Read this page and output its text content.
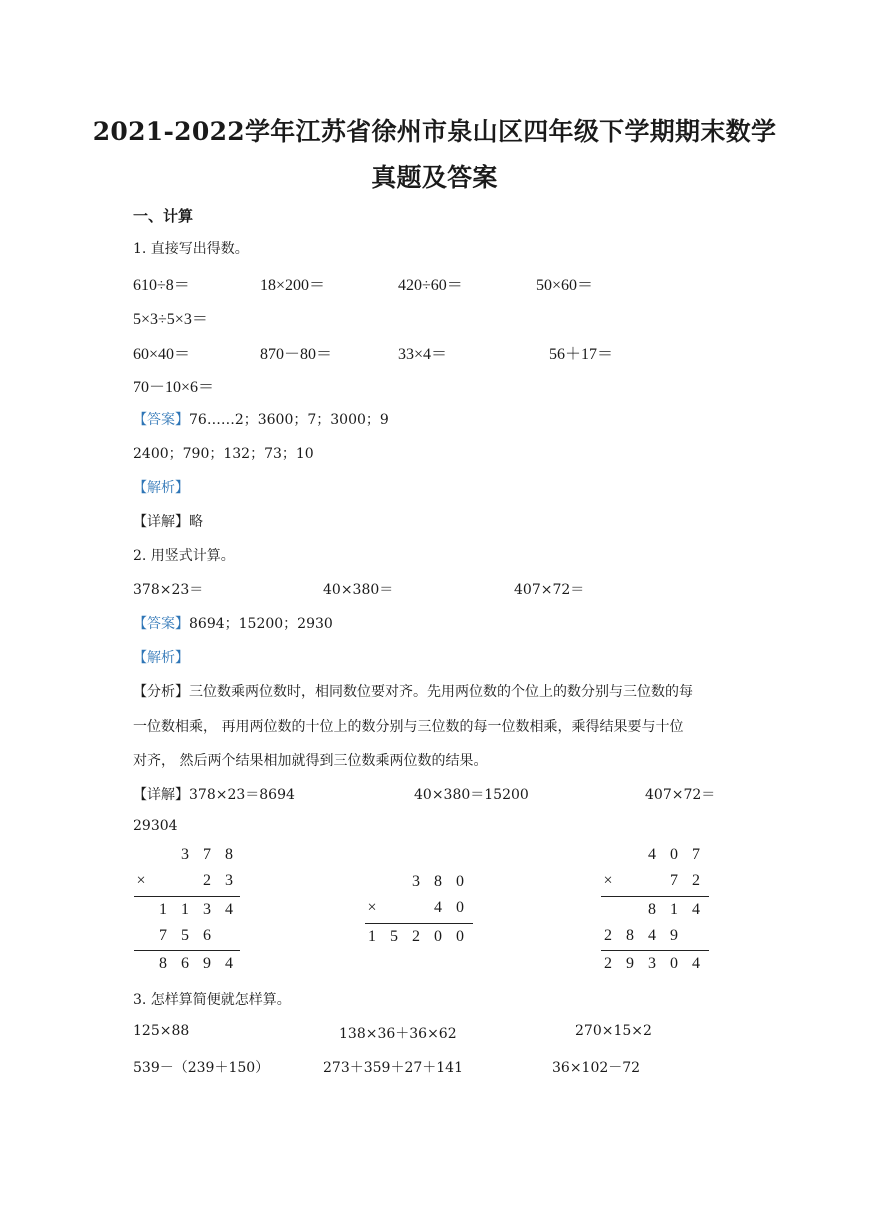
2021-2022学年江苏省徐州市泉山区四年级下学期期末数学
真题及答案
一、计算
1. 直接写出得数。
610÷8＝	18×200＝	420÷60＝	50×60＝
5×3÷5×3＝
60×40＝	870－80＝	33×4＝	56＋17＝
70－10×6＝
【答案】76……2；3600；7；3000；9
2400；790；132；73；10
【解析】
【详解】略
2. 用竖式计算。
378×23＝	40×380＝	407×72＝
【答案】8694；15200；2930
【解析】
【分析】三位数乘两位数时，相同数位要对齐。先用两位数的个位上的数分别与三位数的每
一位数相乘， 再用两位数的十位上的数分别与三位数的每一位数相乘，乘得结果要与十位
对齐， 然后两个结果相加就得到三位数乘两位数的结果。
【详解】378×23＝8694	40×380＝15200	407×72＝
29304
3 7 8
×	2 3
1 1 3 4
7 5 6
8 6 9 4
3 8 0
×	4 0
1 5 2 0 0
4 0 7
×	7 2
8 1 4
2 8 4 9
2 9 3 0 4
3. 怎样算简便就怎样算。
125×88	138×36＋36×62	270×15×2
539－（239＋150）	273＋359＋27＋141	36×102－72
